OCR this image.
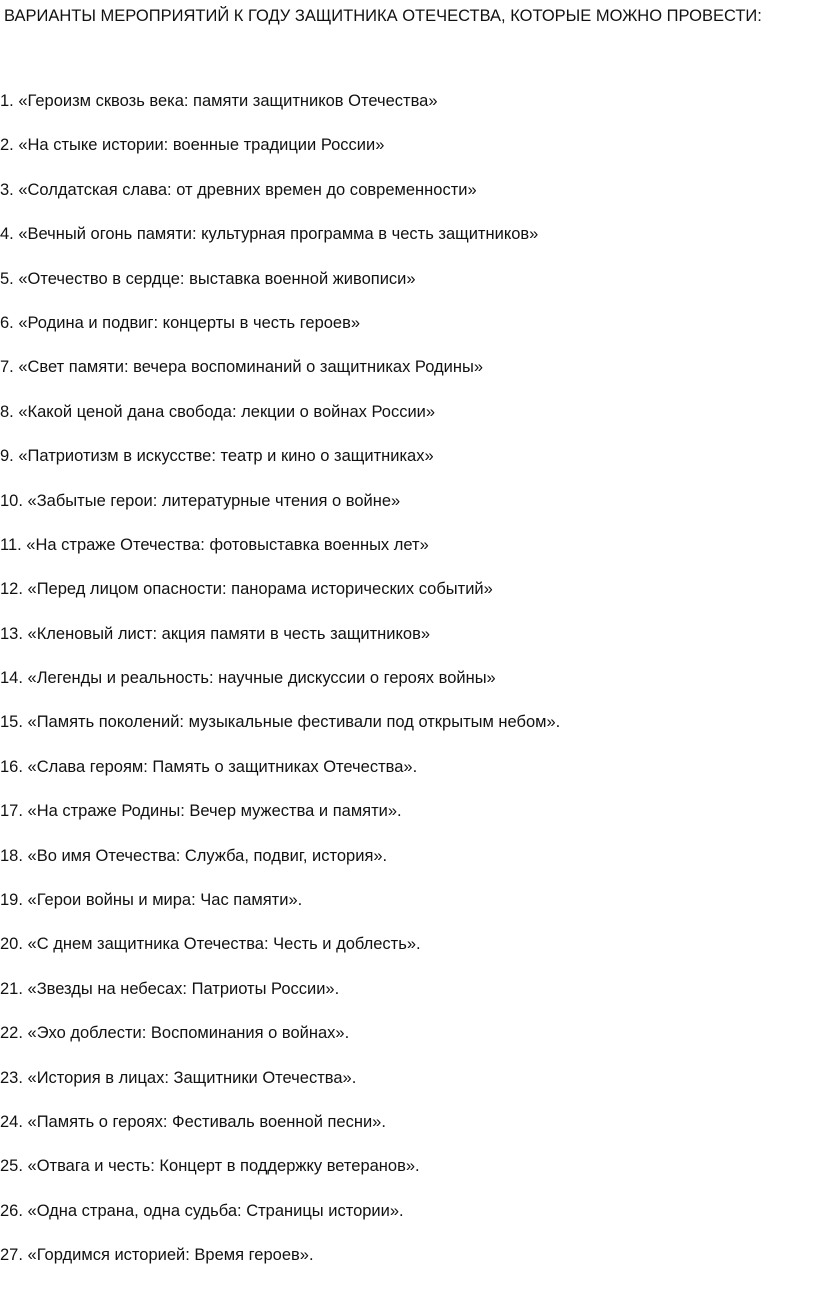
ВАРИАНТЫ МЕРОПРИЯТИЙ К ГОДУ ЗАЩИТНИКА ОТЕЧЕСТВА, КОТОРЫЕ МОЖНО ПРОВЕСТИ:
1. «Героизм сквозь века: памяти защитников Отечества»
2. «На стыке истории: военные традиции России»
3. «Солдатская слава: от древних времен до современности»
4. «Вечный огонь памяти: культурная программа в честь защитников»
5. «Отечество в сердце: выставка военной живописи»
6. «Родина и подвиг: концерты в честь героев»
7. «Свет памяти: вечера воспоминаний о защитниках Родины»
8. «Какой ценой дана свобода: лекции о войнах России»
9. «Патриотизм в искусстве: театр и кино о защитниках»
10. «Забытые герои: литературные чтения о войне»
11. «На страже Отечества: фотовыставка военных лет»
12. «Перед лицом опасности: панорама исторических событий»
13. «Кленовый лист: акция памяти в честь защитников»
14. «Легенды и реальность: научные дискуссии о героях войны»
15. «Память поколений: музыкальные фестивали под открытым небом».
16. «Слава героям: Память о защитниках Отечества».
17. «На страже Родины: Вечер мужества и памяти».
18. «Во имя Отечества: Служба, подвиг, история».
19. «Герои войны и мира: Час памяти».
20. «С днем защитника Отечества: Честь и доблесть».
21. «Звезды на небесах: Патриоты России».
22. «Эхо доблести: Воспоминания о войнах».
23. «История в лицах: Защитники Отечества».
24. «Память о героях: Фестиваль военной песни».
25. «Отвага и честь: Концерт в поддержку ветеранов».
26. «Одна страна, одна судьба: Страницы истории».
27. «Гордимся историей: Время героев».
